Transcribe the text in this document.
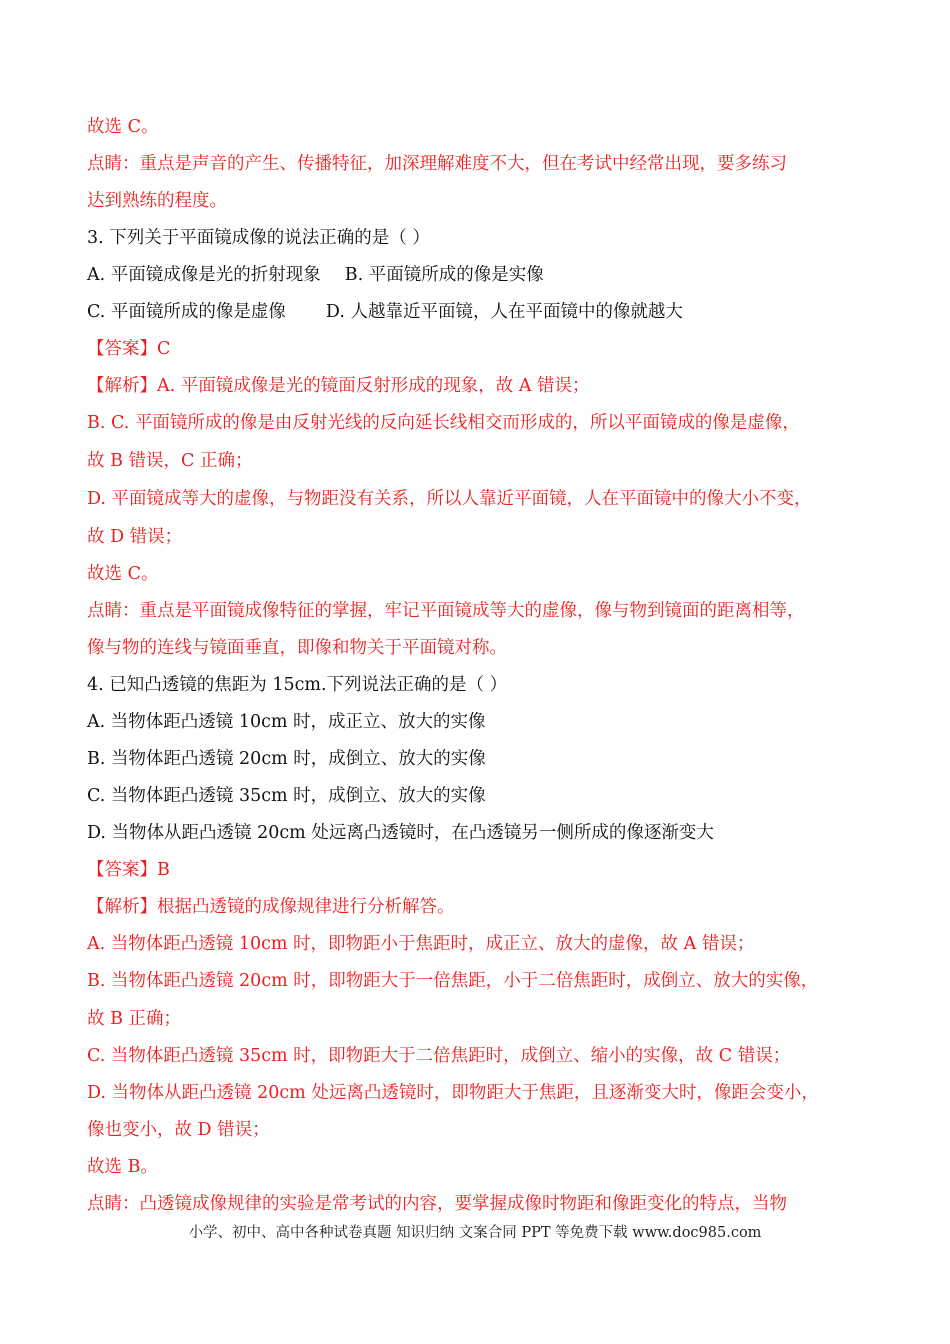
故选 C。
点睛：重点是声音的产生、传播特征，加深理解难度不大，但在考试中经常出现，要多练习
达到熟练的程度。
3. 下列关于平面镜成像的说法正确的是（ ）
A. 平面镜成像是光的折射现象 B. 平面镜所成的像是实像
C. 平面镜所成的像是虚像 D. 人越靠近平面镜，人在平面镜中的像就越大
【答案】C
【解析】A. 平面镜成像是光的镜面反射形成的现象，故 A 错误；
B. C. 平面镜所成的像是由反射光线的反向延长线相交而形成的，所以平面镜成的像是虚像，
故 B 错误，C 正确；
D. 平面镜成等大的虚像，与物距没有关系，所以人靠近平面镜，人在平面镜中的像大小不变，
故 D 错误；
故选 C。
点睛：重点是平面镜成像特征的掌握，牢记平面镜成等大的虚像，像与物到镜面的距离相等，
像与物的连线与镜面垂直，即像和物关于平面镜对称。
4. 已知凸透镜的焦距为 15cm.下列说法正确的是（ ）
A. 当物体距凸透镜 10cm 时，成正立、放大的实像
B. 当物体距凸透镜 20cm 时，成倒立、放大的实像
C. 当物体距凸透镜 35cm 时，成倒立、放大的实像
D. 当物体从距凸透镜 20cm 处远离凸透镜时，在凸透镜另一侧所成的像逐渐变大
【答案】B
【解析】根据凸透镜的成像规律进行分析解答。
A. 当物体距凸透镜 10cm 时，即物距小于焦距时，成正立、放大的虚像，故 A 错误；
B. 当物体距凸透镜 20cm 时，即物距大于一倍焦距，小于二倍焦距时，成倒立、放大的实像，
故 B 正确；
C. 当物体距凸透镜 35cm 时，即物距大于二倍焦距时，成倒立、缩小的实像，故 C 错误；
D. 当物体从距凸透镜 20cm 处远离凸透镜时，即物距大于焦距，且逐渐变大时，像距会变小，
像也变小，故 D 错误；
故选 B。
点睛：凸透镜成像规律的实验是常考试的内容，要掌握成像时物距和像距变化的特点，当物
小学、初中、高中各种试卷真题 知识归纳 文案合同 PPT 等免费下载 www.doc985.com
